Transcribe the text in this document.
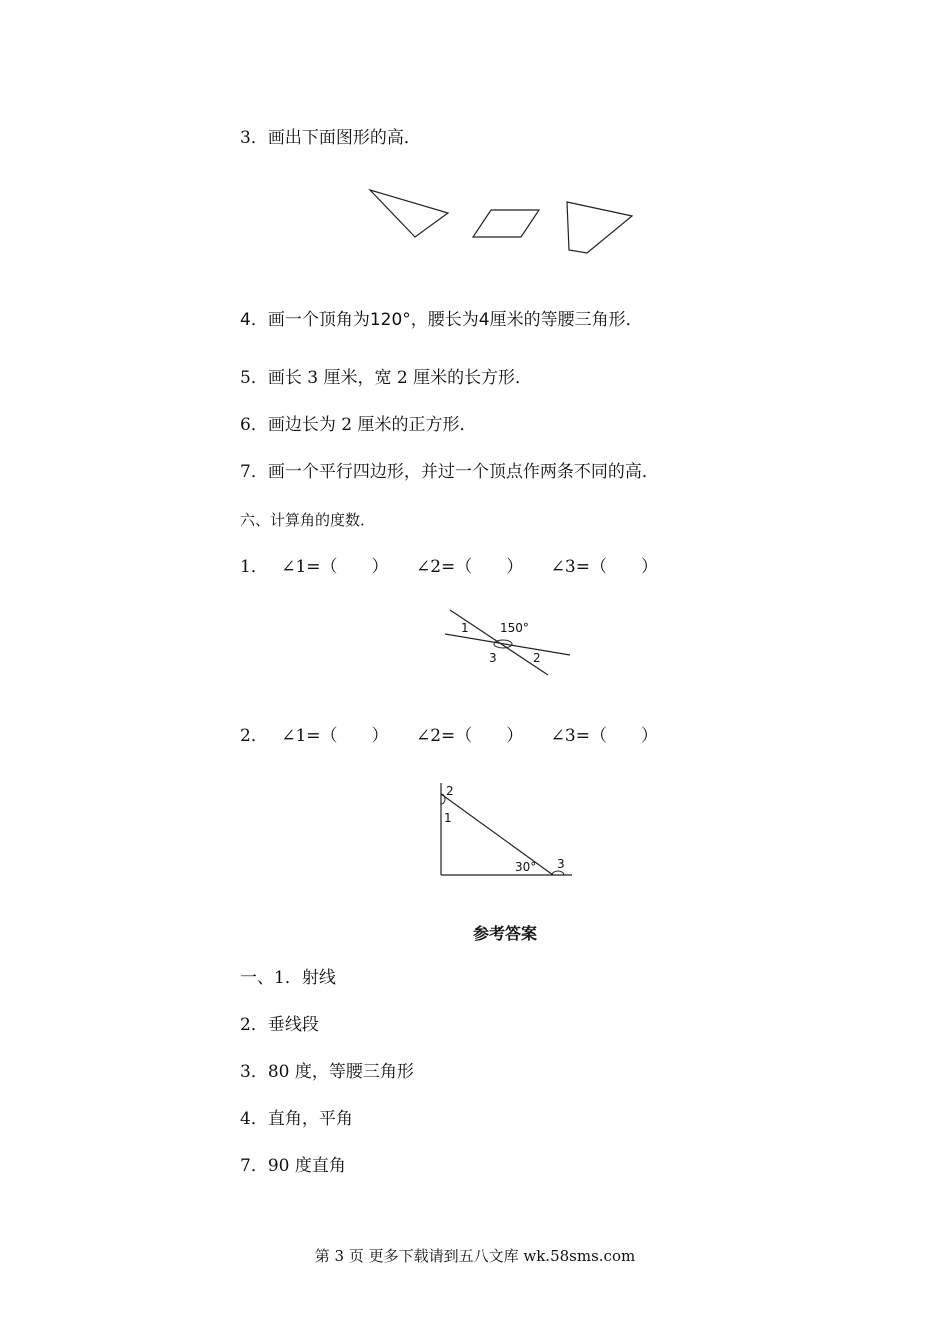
3．画出下面图形的高．
4．画一个顶角为120°，腰长为4厘米的等腰三角形．
5．画长 3 厘米，宽 2 厘米的长方形．
6．画边长为 2 厘米的正方形．
7．画一个平行四边形，并过一个顶点作两条不同的高．
六、计算角的度数．
1． ∠1=（　　） ∠2=（　　） ∠3=（　　）
1	150°
3	2
2． ∠1=（　　） ∠2=（　　） ∠3=（　　）
2
1
30° 3
参考答案
一、1．射线
2．垂线段
3．80 度，等腰三角形
4．直角，平角
7．90 度直角
第 3 页 更多下载请到五八文库 wk.58sms.com
